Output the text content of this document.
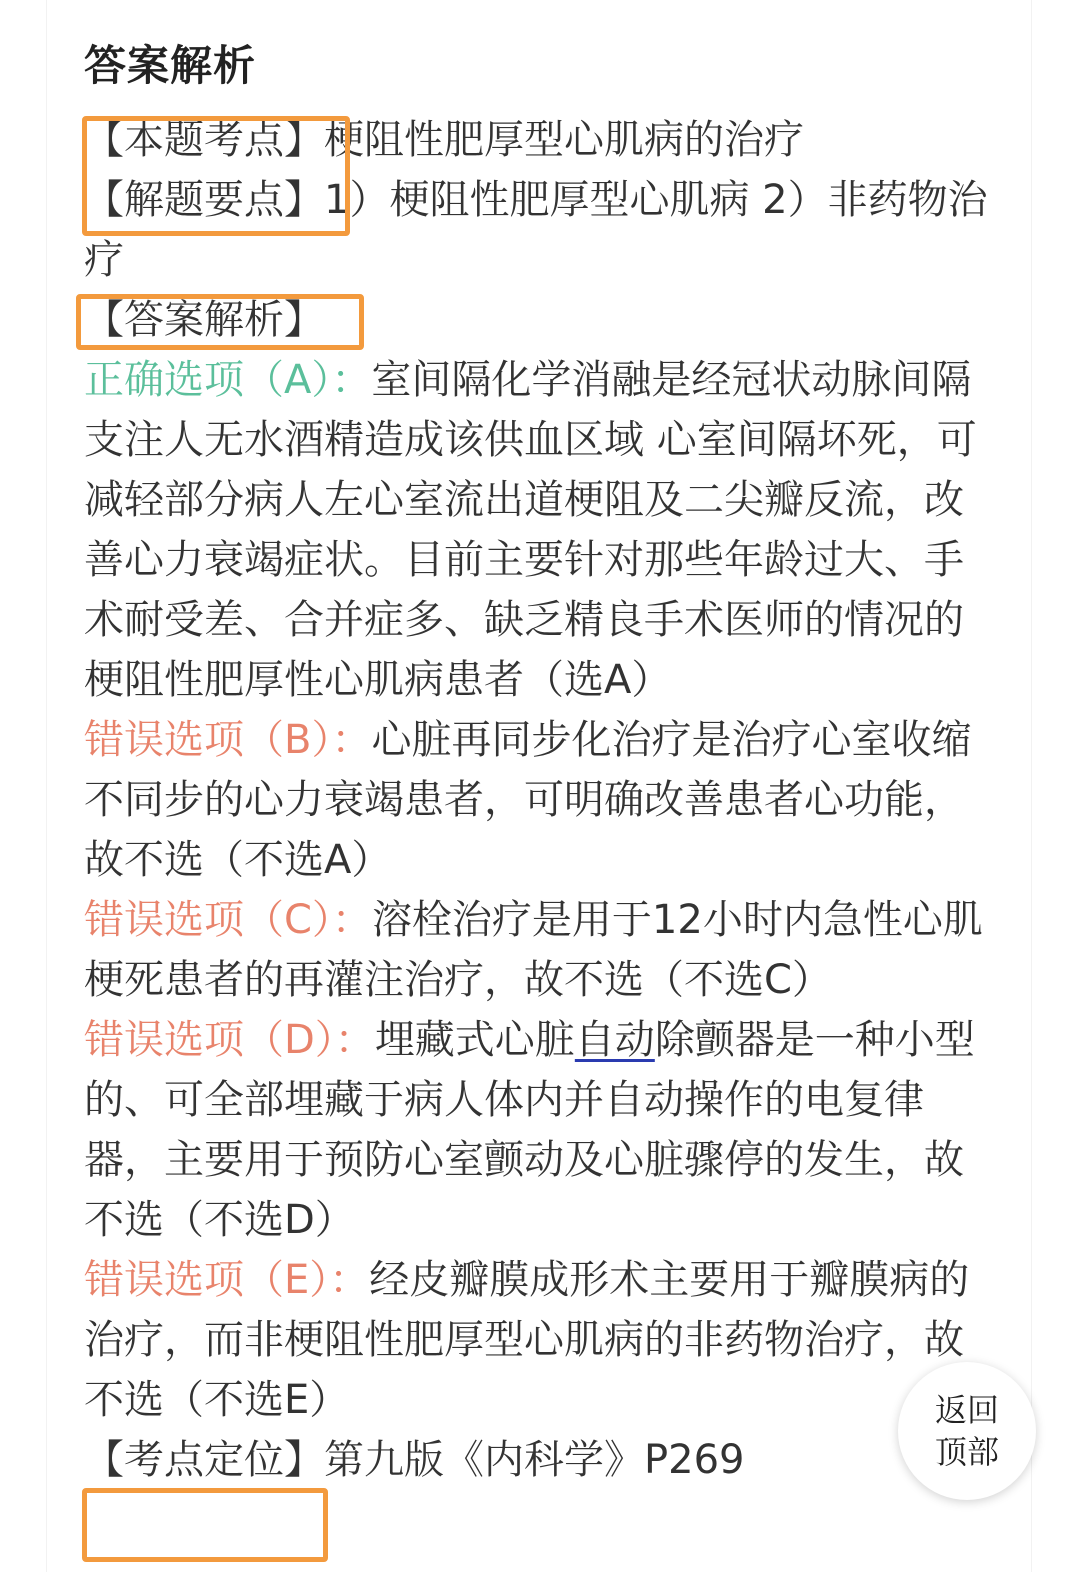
答案解析

【本题考点】梗阻性肥厚型心肌病的治疗

【解题要点】1）梗阻性肥厚型心肌病 2）非药物治疗

【答案解析】

正确选项（A）：室间隔化学消融是经冠状动脉间隔支注人无水酒精造成该供血区域 心室间隔坏死，可减轻部分病人左心室流出道梗阻及二尖瓣反流，改善心力衰竭症状。目前主要针对那些年龄过大、手术耐受差、合并症多、缺乏精良手术医师的情况的梗阻性肥厚性心肌病患者（选A）

错误选项（B）：心脏再同步化治疗是治疗心室收缩不同步的心力衰竭患者，可明确改善患者心功能，故不选（不选A）

错误选项（C）：溶栓治疗是用于12小时内急性心肌梗死患者的再灌注治疗，故不选（不选C）

错误选项（D）：埋藏式心脏自动除颤器是一种小型的、可全部埋藏于病人体内并自动操作的电复律器，主要用于预防心室颤动及心脏骤停的发生，故不选（不选D）

错误选项（E）：经皮瓣膜成形术主要用于瓣膜病的治疗，而非梗阻性肥厚型心肌病的非药物治疗，故不选（不选E）

【考点定位】第九版《内科学》P269

返回
顶部
